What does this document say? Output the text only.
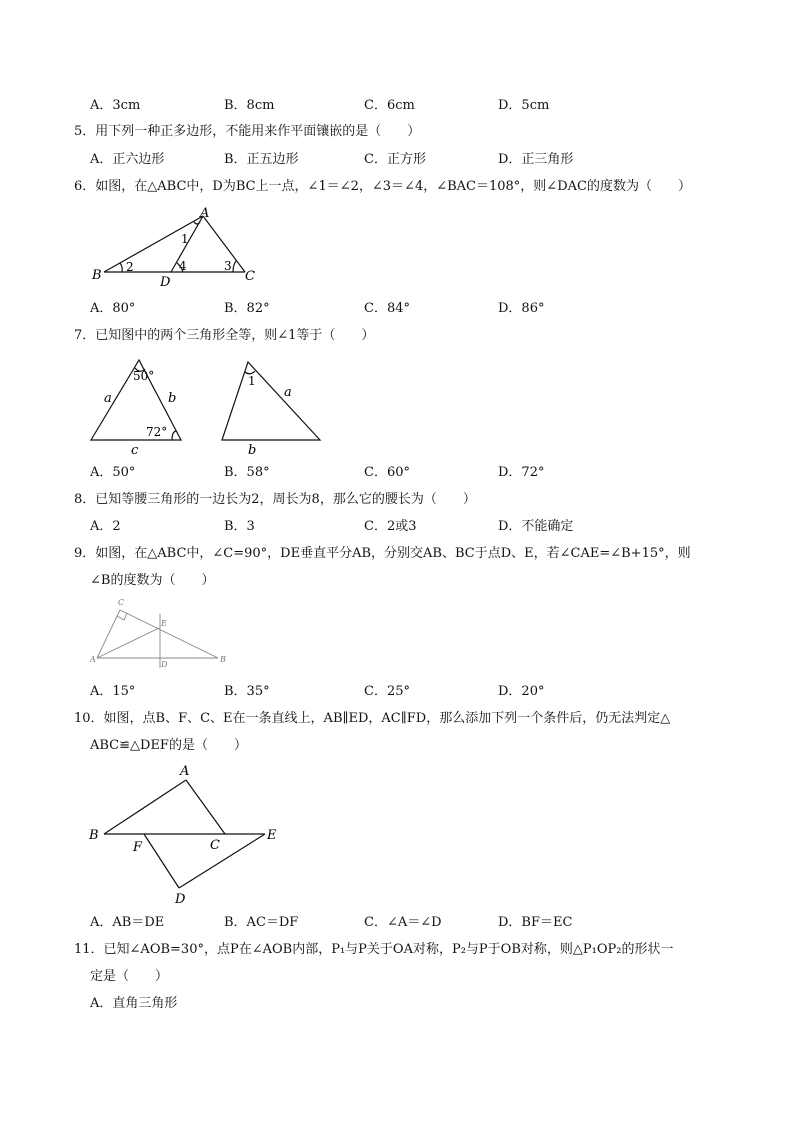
A．3cm	B．8cm	C．6cm	D．5cm
5．用下列一种正多边形，不能用来作平面镶嵌的是（　　）
A．正六边形	B．正五边形	C．正方形	D．正三角形
6．如图，在△ABC中，D为BC上一点，∠1＝∠2，∠3＝∠4，∠BAC＝108°，则∠DAC的度数为（　　）
A
B	C
D
1
2	3
4
A．80°	B．82°	C．84°	D．86°
7．已知图中的两个三角形全等，则∠1等于（　　）
50°
72°
a	b
c
a
b
1
A．50°	B．58°	C．60°	D．72°
8．已知等腰三角形的一边长为2，周长为8，那么它的腰长为（　　）
A．2	B．3	C．2或3	D．不能确定
9．如图，在△ABC中，∠C=90°，DE垂直平分AB，分别交AB、BC于点D、E，若∠CAE=∠B+15°，则
∠B的度数为（　　）
C
E
A
D
B
A．15°	B．35°	C．25°	D．20°
10．如图，点B、F、C、E在一条直线上，AB∥ED，AC∥FD，那么添加下列一个条件后，仍无法判定△
ABC≌△DEF的是（　　）
A
B
F	C
E
D
A．AB＝DE	B．AC＝DF	C．∠A＝∠D	D．BF＝EC
11．已知∠AOB=30°，点P在∠AOB内部，P₁与P关于OA对称，P₂与P于OB对称，则△P₁OP₂的形状一
定是（　　）
A．直角三角形
